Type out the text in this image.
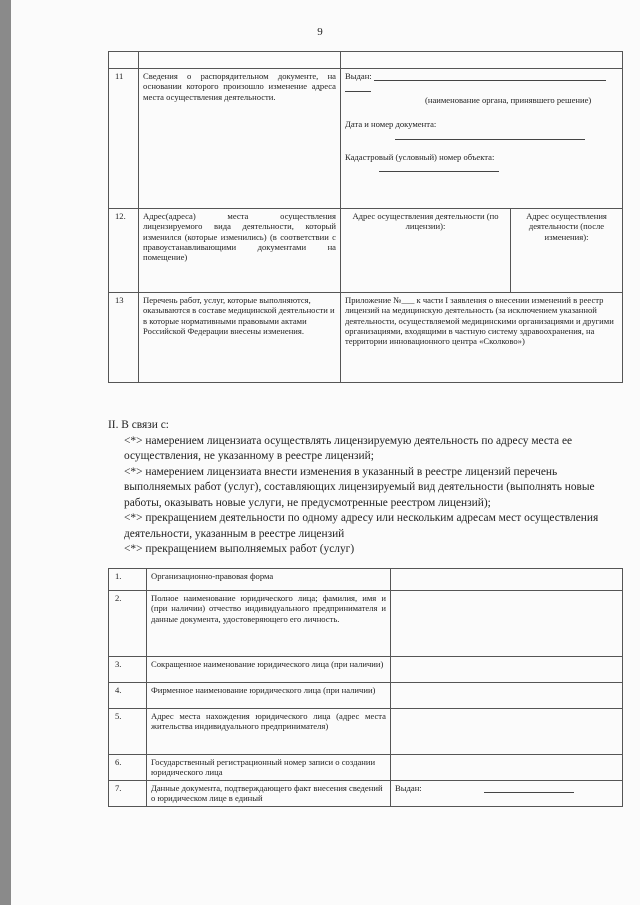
9

11	Сведения о распорядительном документе, на основании которого произошло изменение адреса места осуществления деятельности.	Выдан:
(наименование органа, принявшего решение)
Дата и номер документа:
Кадастровый (условный) номер объекта:	

12.	Адрес(адреса) места осуществления лицензируемого вида деятельности, который изменился (которые изменились) (в соответствии с правоустанавливающими документами на помещение)	Адрес осуществления деятельности (по лицензии):	Адрес осуществления деятельности (после изменения):
13	Перечень работ, услуг, которые выполняются, оказываются в составе медицинской деятельности и в которые нормативными правовыми актами Российской Федерации внесены изменения.	Приложение №___ к части I заявления о внесении изменений в реестр лицензий на медицинскую деятельность (за исключением указанной деятельности, осуществляемой медицинскими организациями и другими организациями, входящими в частную систему здравоохранения, на территории инновационного центра «Сколково»)	

II. В связи с:

<*> намерением лицензиата осуществлять лицензируемую деятельность по адресу места ее осуществления, не указанному в реестре лицензий;

<*> намерением лицензиата внести изменения в указанный в реестре лицензий перечень выполняемых работ (услуг), составляющих лицензируемый вид деятельности (выполнять новые работы, оказывать новые услуги, не предусмотренные реестром лицензий);

<*> прекращением деятельности по одному адресу или нескольким адресам мест осуществления деятельности, указанным в реестре лицензий

<*> прекращением выполняемых работ (услуг)

1.	Организационно-правовая форма	
2.	Полное наименование юридического лица; фамилия, имя и (при наличии) отчество индивидуального предпринимателя и данные документа, удостоверяющего его личность.	
3.	Сокращенное наименование юридического лица (при наличии)	
4.	Фирменное наименование юридического лица (при наличии)	
5.	Адрес места нахождения юридического лица (адрес места жительства индивидуального предпринимателя)	
6.	Государственный регистрационный номер записи о создании юридического лица	
7.	Данные документа, подтверждающего факт внесения сведений о юридическом лице в единый	Выдан:
